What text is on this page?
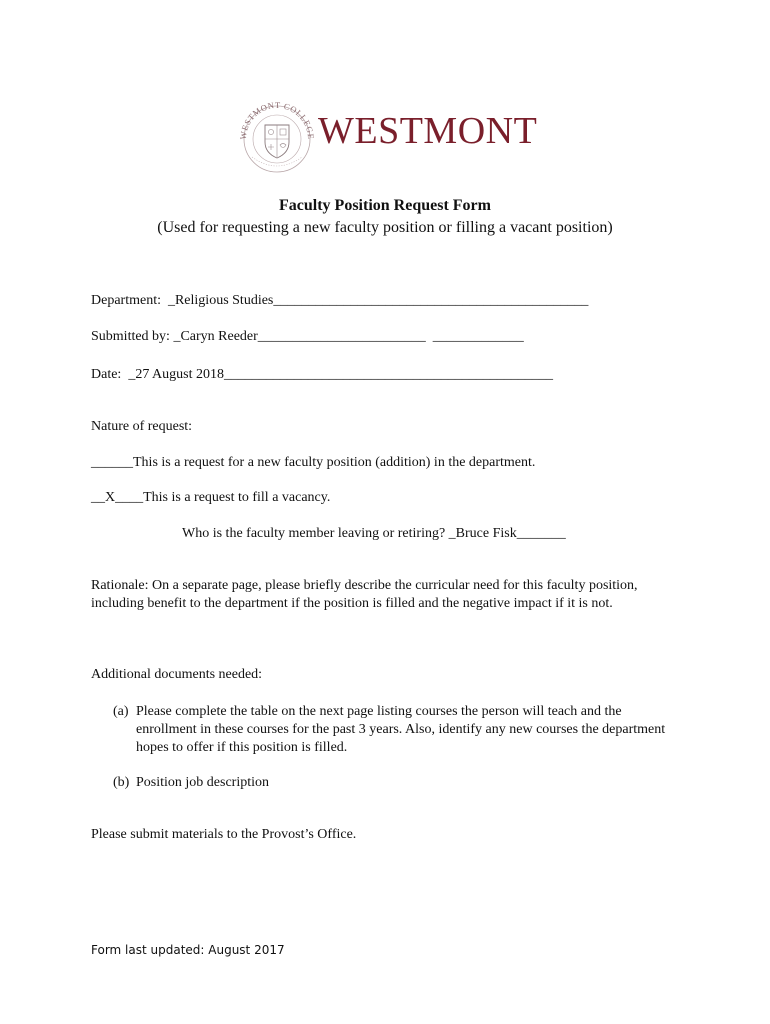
WESTMONT COLLEGE WESTMONT
Faculty Position Request Form
(Used for requesting a new faculty position or filling a vacant position)
Department:  _Religious Studies_____________________________________________
Submitted by: _Caryn Reeder________________________  _____________
Date:  _27 August 2018_______________________________________________
Nature of request:
______This is a request for a new faculty position (addition) in the department.
__X____This is a request to fill a vacancy.
Who is the faculty member leaving or retiring? _Bruce Fisk_______
Rationale: On a separate page, please briefly describe the curricular need for this faculty position, including benefit to the department if the position is filled and the negative impact if it is not.
Additional documents needed:
(a) Please complete the table on the next page listing courses the person will teach and the enrollment in these courses for the past 3 years. Also, identify any new courses the department hopes to offer if this position is filled.
(b) Position job description
Please submit materials to the Provost’s Office.
Form last updated: August 2017
